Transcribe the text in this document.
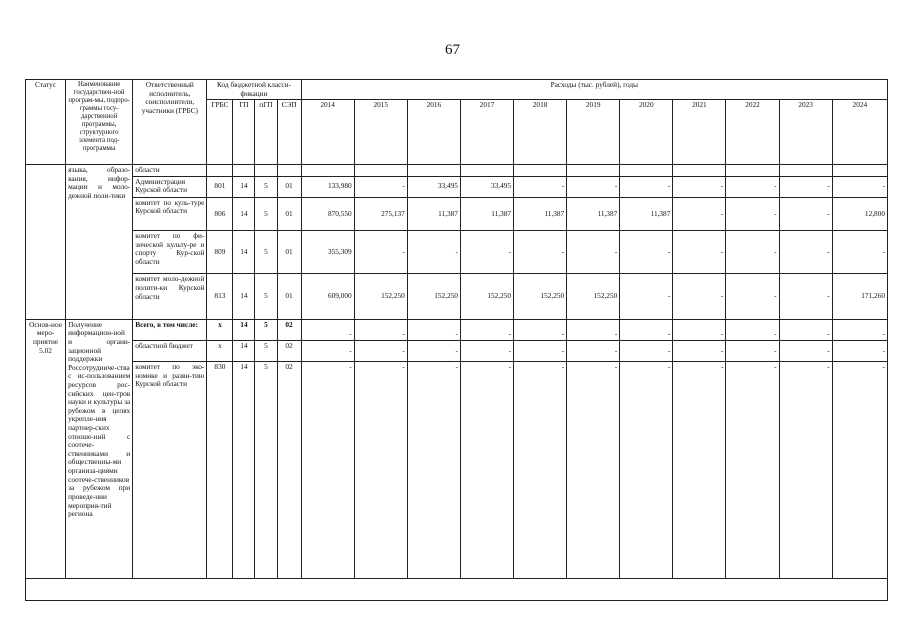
67
Статус	Наименование государствен-ной програм-мы, подпро-граммы госу-дарственной программы, структурного элемента под-программы	Ответственный исполнитель, соисполнители, участники (ГРБС)	Код бюджетной класси-фикации				Расходы (тыс. рублей), годы										
			ГРБС	ГП	пГП	СЭП	2014	2015	2016	2017	2018	2019	2020	2021	2022	2023	2024
	языка, образо-вания, инфор-мации и моло-дежной поли-тики	области															
		Администрация Курской области	801	14	5	01	133,980	-	33,495	33,495	-	-	-	-	-	-	-
		комитет по куль-туре Курской области	806	14	5	01	870,550	275,137	11,387	11,387	11,387	11,387	11,387	-	-	-	12,800
		комитет по фи-зической культу-ре и спорту Кур-ской области	809	14	5	01	355,309	-	-	-	-	-	-	-	-	-	-
		комитет моло-дежной полити-ки Курской области	813	14	5	01	609,000	152,250	152,250	152,250	152,250	152,250	-	-	-	-	171,260
Основ-ное меро-приятие 5.02	Получение информацион-ной и органи-зационной поддержки Россотрудниче-ства с ис-пользованием ресурсов рос-сийских цен-тров науки и культуры за рубежом в целях укрепле-ния партнер-ских отноше-ний с соотече-ственниками и общественны-ми организа-циями соотече-ственников за рубежом при проведе-нии мероприя-тий региона	Всего, в том числе:	х	14	5	02	-	-	-	-	-	-	-	-	-	-	-
		областной бюджет	х	14	5	02	-	-	-	-	-	-	-	-	-	-	-
		комитет по эко-номике и разви-тию Курской области	830	14	5	02	-	-	-	-	-	-	-	-	-	-	-
